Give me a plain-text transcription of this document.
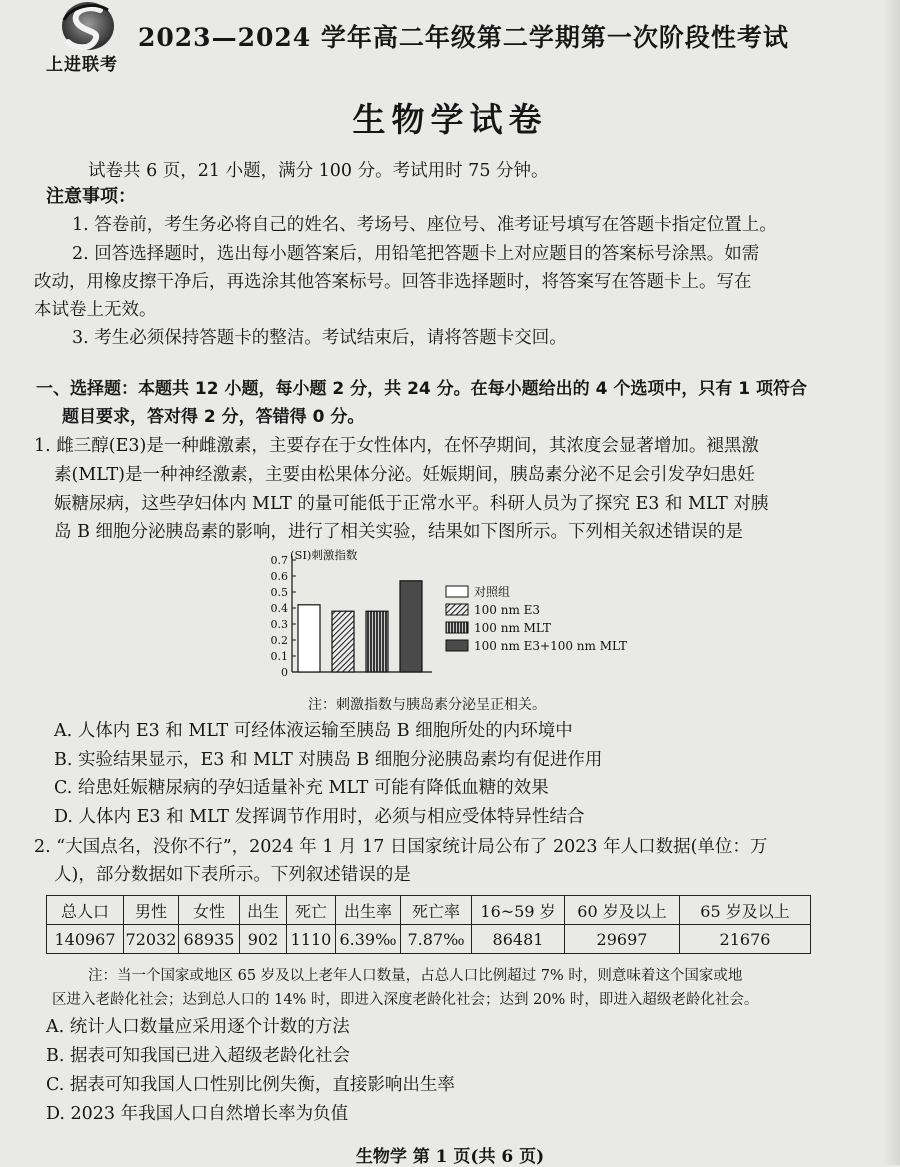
上进联考
2023—2024 学年高二年级第二学期第一次阶段性考试
生物学试卷
试卷共 6 页，21 小题，满分 100 分。考试用时 75 分钟。
注意事项：
1. 答卷前，考生务必将自己的姓名、考场号、座位号、准考证号填写在答题卡指定位置上。
2. 回答选择题时，选出每小题答案后，用铅笔把答题卡上对应题目的答案标号涂黑。如需
改动，用橡皮擦干净后，再选涂其他答案标号。回答非选择题时，将答案写在答题卡上。写在
本试卷上无效。
3. 考生必须保持答题卡的整洁。考试结束后，请将答题卡交回。
一、选择题：本题共 12 小题，每小题 2 分，共 24 分。在每小题给出的 4 个选项中，只有 1 项符合
题目要求，答对得 2 分，答错得 0 分。
1. 雌三醇(E3)是一种雌激素，主要存在于女性体内，在怀孕期间，其浓度会显著增加。褪黑激
素(MLT)是一种神经激素，主要由松果体分泌。妊娠期间，胰岛素分泌不足会引发孕妇患妊
娠糖尿病，这些孕妇体内 MLT 的量可能低于正常水平。科研人员为了探究 E3 和 MLT 对胰
岛 B 细胞分泌胰岛素的影响，进行了相关实验，结果如下图所示。下列相关叙述错误的是
0
0.1
0.2
0.3
0.4
0.5
0.6
0.7 (SI)刺激指数
对照组
100 nm E3
100 nm MLT
100 nm E3+100 nm MLT
注：刺激指数与胰岛素分泌呈正相关。
A. 人体内 E3 和 MLT 可经体液运输至胰岛 B 细胞所处的内环境中
B. 实验结果显示，E3 和 MLT 对胰岛 B 细胞分泌胰岛素均有促进作用
C. 给患妊娠糖尿病的孕妇适量补充 MLT 可能有降低血糖的效果
D. 人体内 E3 和 MLT 发挥调节作用时，必须与相应受体特异性结合
2. “大国点名，没你不行”，2024 年 1 月 17 日国家统计局公布了 2023 年人口数据(单位：万
人)，部分数据如下表所示。下列叙述错误的是
总人口	男性	女性	出生	死亡	出生率	死亡率	16~59 岁	60 岁及以上	65 岁及以上
140967	72032	68935	902	1110	6.39‰	7.87‰	86481	29697	21676
注：当一个国家或地区 65 岁及以上老年人口数量，占总人口比例超过 7% 时，则意味着这个国家或地
区进入老龄化社会；达到总人口的 14% 时，即进入深度老龄化社会；达到 20% 时，即进入超级老龄化社会。
A. 统计人口数量应采用逐个计数的方法
B. 据表可知我国已进入超级老龄化社会
C. 据表可知我国人口性别比例失衡，直接影响出生率
D. 2023 年我国人口自然增长率为负值
生物学 第 1 页(共 6 页)
